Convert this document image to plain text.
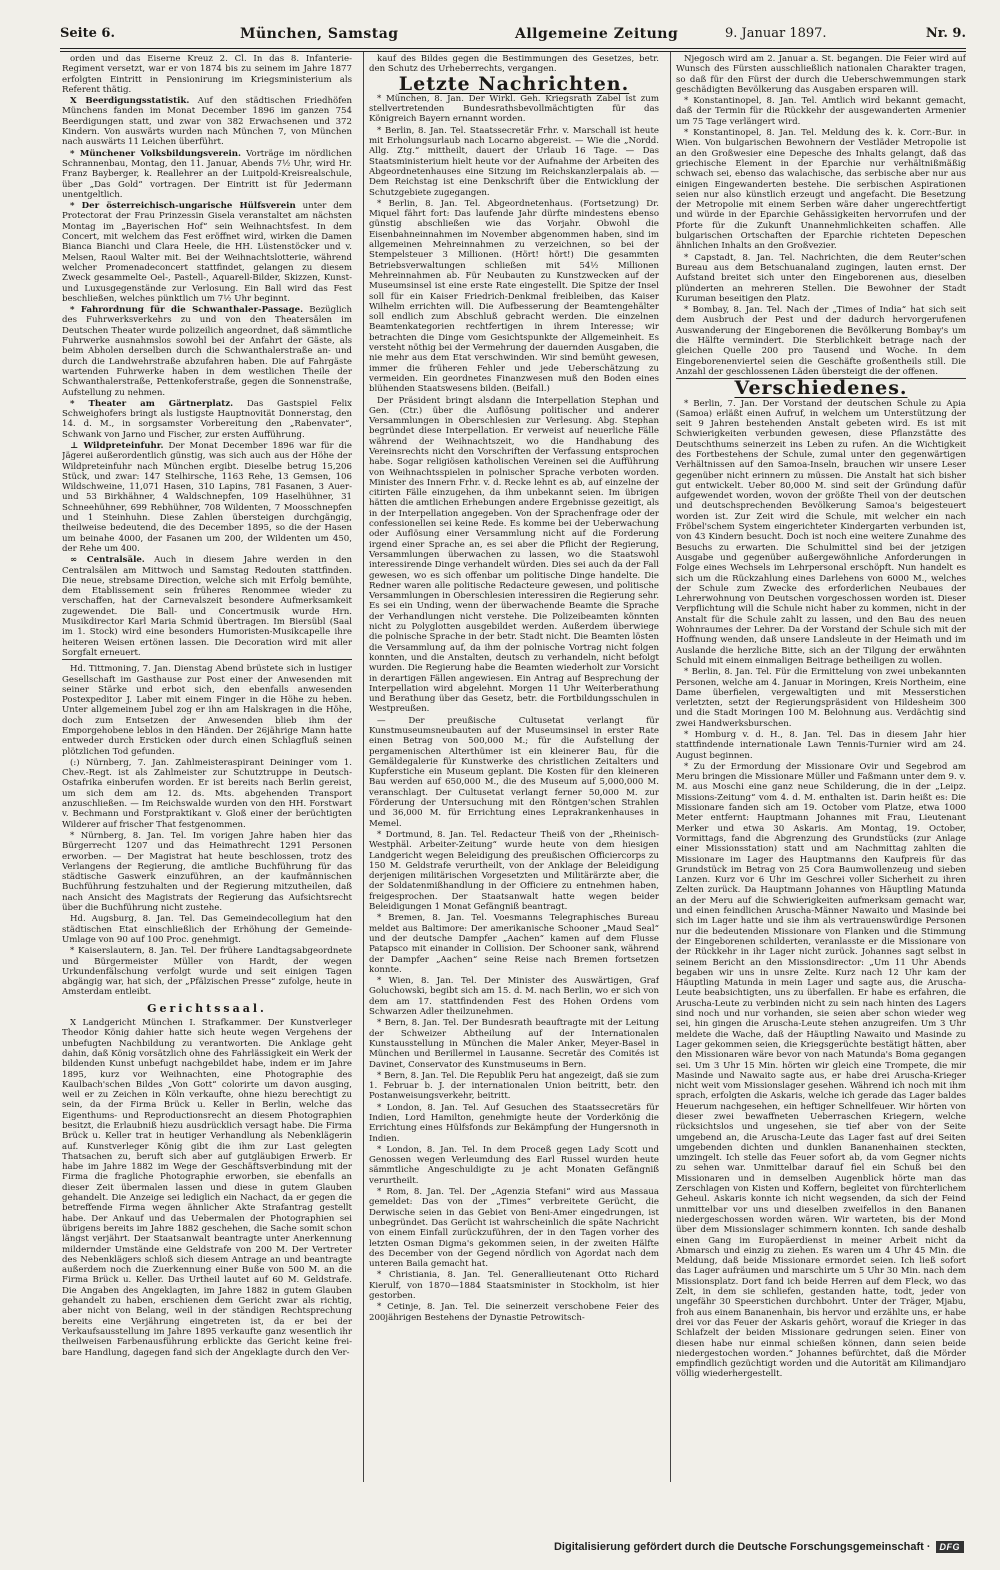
Seite 6.	München, Samstag	Allgemeine Zeitung	9. Januar 1897.	Nr. 9.

orden und das Eiserne Kreuz 2. Cl. In das 8. Infanterie-Regiment versetzt, war er von 1874 bis zu seinem im Jahre 1877 erfolgten Eintritt in Pensionirung im Kriegsministerium als Referent thätig.

X Beerdigungsstatistik. Auf den städtischen Friedhöfen Münchens fanden im Monat December 1896 im ganzen 754 Beerdigungen statt, und zwar von 382 Erwachsenen und 372 Kindern. Von auswärts wurden nach München 7, von München nach auswärts 11 Leichen überführt.

* Münchener Volksbildungsverein. Vorträge im nördlichen Schrannenbau, Montag, den 11. Januar, Abends 7½ Uhr, wird Hr. Franz Bayberger, k. Reallehrer an der Luitpold-Kreisrealschule, über „Das Gold“ vortragen. Der Eintritt ist für Jedermann unentgeltlich.

* Der österreichisch-ungarische Hülfsverein unter dem Protectorat der Frau Prinzessin Gisela veranstaltet am nächsten Montag im „Bayerischen Hof“ sein Weihnachtsfest. In dem Concert, mit welchem das Fest eröffnet wird, wirken die Damen Bianca Bianchi und Clara Heele, die HH. Lüstenstöcker und v. Melsen, Raoul Walter mit. Bei der Weihnachtslotterie, während welcher Promenadeconcert stattfindet, gelangen zu diesem Zweck gesammelte Oel-, Pastell-, Aquarell-Bilder, Skizzen, Kunst- und Luxusgegenstände zur Verlosung. Ein Ball wird das Fest beschließen, welches pünktlich um 7½ Uhr beginnt.

* Fahrordnung für die Schwanthaler-Passage. Bezüglich des Fuhrwerksverkehrs zu und von den Theatersälen im Deutschen Theater wurde polizeilich angeordnet, daß sämmtliche Fuhrwerke ausnahmslos sowohl bei der Anfahrt der Gäste, als beim Abholen derselben durch die Schwanthalerstraße an- und durch die Landwehrstraße abzufahren haben. Die auf Fahrgäste wartenden Fuhrwerke haben in dem westlichen Theile der Schwanthalerstraße, Pettenkoferstraße, gegen die Sonnenstraße, Aufstellung zu nehmen.

* Theater am Gärtnerplatz. Das Gastspiel Felix Schweighofers bringt als lustigste Hauptnovität Donnerstag, den 14. d. M., in sorgsamster Vorbereitung den „Rabenvater“, Schwank von Jarno und Fischer, zur ersten Aufführung.

⊥ Wildpreteinfuhr. Der Monat December 1896 war für die Jägerei außerordentlich günstig, was sich auch aus der Höhe der Wildpreteinfuhr nach München ergibt. Dieselbe betrug 15,206 Stück, und zwar: 147 Stelhirsche, 1163 Rehe, 13 Gemsen, 106 Wildschweine, 11,071 Hasen, 310 Lapins, 781 Fasanen, 3 Auer- und 53 Birkhähner, 4 Waldschnepfen, 109 Haselhühner, 31 Schneehühner, 699 Rebhühner, 708 Wildenten, 7 Moosschnepfen und 1 Steinhuhn. Diese Zahlen übersteigen durchgängig, theilweise bedeutend, die des December 1895, so die der Hasen um beinahe 4000, der Fasanen um 200, der Wildenten um 450, der Rehe um 400.

∞ Centralsäle. Auch in diesem Jahre werden in den Centralsälen am Mittwoch und Samstag Redouten stattfinden. Die neue, strebsame Direction, welche sich mit Erfolg bemühte, dem Etablissement sein früheres Renommee wieder zu verschaffen, hat der Carnevalszeit besondere Aufmerksamkeit zugewendet. Die Ball- und Concertmusik wurde Hrn. Musikdirector Karl Maria Schmid übertragen. Im Biersübl (Saal im 1. Stock) wird eine besonders Humoristen-Musikcapelle ihre heiteren Weisen ertönen lassen. Die Decoration wird mit aller Sorgfalt erneuert.

Hd. Tittmoning, 7. Jan. Dienstag Abend brüstete sich in lustiger Gesellschaft im Gasthause zur Post einer der Anwesenden mit seiner Stärke und erbot sich, den ebenfalls anwesenden Postexpeditor J. Laber mit einem Finger in die Höhe zu heben. Unter allgemeinem Jubel zog er ihn am Halskragen in die Höhe, doch zum Entsetzen der Anwesenden blieb ihm der Emporgehobene leblos in den Händen. Der 26jährige Mann hatte entweder durch Ersticken oder durch einen Schlagfluß seinen plötzlichen Tod gefunden.

(:) Nürnberg, 7. Jan. Zahlmeisteraspirant Deininger vom 1. Chev.-Regt. ist als Zahlmeister zur Schutztruppe in Deutsch-Ostafrika einberufen worden. Er ist bereits nach Berlin gereist, um sich dem am 12. ds. Mts. abgehenden Transport anzuschließen. — Im Reichswalde wurden von den HH. Forstwart v. Bechmann und Forstpraktikant v. Gloß einer der berüchtigten Wilderer auf frischer That festgenommen.

* Nürnberg, 8. Jan. Tel. Im vorigen Jahre haben hier das Bürgerrecht 1207 und das Heimathrecht 1291 Personen erworben. — Der Magistrat hat heute beschlossen, trotz des Verlangens der Regierung, die amtliche Buchführung für das städtische Gaswerk einzuführen, an der kaufmännischen Buchführung festzuhalten und der Regierung mitzutheilen, daß nach Ansicht des Magistrats der Regierung das Aufsichtsrecht über die Buchführung nicht zustehe.

Hd. Augsburg, 8. Jan. Tel. Das Gemeindecollegium hat den städtischen Etat einschließlich der Erhöhung der Gemeinde-Umlage von 90 auf 100 Proc. genehmigt.

* Kaiserslautern, 8. Jan. Tel. Der frühere Landtagsabgeordnete und Bürgermeister Müller von Hardt, der wegen Urkundenfälschung verfolgt wurde und seit einigen Tagen abgängig war, hat sich, der „Pfälzischen Presse“ zufolge, heute in Amsterdam entleibt.

Gerichtssaal.

X Landgericht München I. Strafkammer. Der Kunstverleger Theodor König dahier hatte sich heute wegen Vergehens der unbefugten Nachbildung zu verantworten. Die Anklage geht dahin, daß König vorsätzlich ohne des Fahrlässigkeit ein Werk der bildenden Kunst unbefugt nachgebildet habe, indem er im Jahre 1895, kurz vor Weihnachten, eine Photographie des Kaulbach'schen Bildes „Von Gott“ colorirte um davon ausging, weil er zu Zeichen in Köln verkaufte, ohne hiezu berechtigt zu sein, da der Firma Brück u. Keller in Berlin, welche das Eigenthums- und Reproductionsrecht an diesem Photographien besitzt, die Erlaubniß hiezu ausdrücklich versagt habe. Die Firma Brück u. Keller trat in heutiger Verhandlung als Nebenklägerin auf. Kunstverleger König gibt die ihm zur Last gelegten Thatsachen zu, beruft sich aber auf gutgläubigen Erwerb. Er habe im Jahre 1882 im Wege der Geschäftsverbindung mit der Firma die fragliche Photographie erworben, sie ebenfalls an dieser Zeit übermalen lassen und diese in gutem Glauben gehandelt. Die Anzeige sei lediglich ein Nachact, da er gegen die betreffende Firma wegen ähnlicher Akte Strafantrag gestellt habe. Der Ankauf und das Uebermalen der Photographien sei übrigens bereits im Jahre 1882 geschehen, die Sache somit schon längst verjährt. Der Staatsanwalt beantragte unter Anerkennung mildernder Umstände eine Geldstrafe von 200 M. Der Vertreter des Nebenklägers schloß sich diesem Antrage an und beantragte außerdem noch die Zuerkennung einer Buße von 500 M. an die Firma Brück u. Keller. Das Urtheil lautet auf 60 M. Geldstrafe. Die Angaben des Angeklagten, im Jahre 1882 in gutem Glauben gehandelt zu haben, erschienen dem Gericht zwar als richtig, aber nicht von Belang, weil in der ständigen Rechtsprechung bereits eine Verjährung eingetreten ist, da er bei der Verkaufsausstellung im Jahre 1895 verkaufte ganz wesentlich ihr theilweisen Farbenausführung erblickte das Gericht keine frei-bare Handlung, dagegen fand sich der Angeklagte durch den Ver-

kauf des Bildes gegen die Bestimmungen des Gesetzes, betr. den Schutz des Urheberrechts, vergangen.

Letzte Nachrichten.

* München, 8. Jan. Der Wirkl. Geh. Kriegsrath Zabel ist zum stellvertretenden Bundesrathsbevollmächtigten für das Königreich Bayern ernannt worden.

* Berlin, 8. Jan. Tel. Staatssecretär Frhr. v. Marschall ist heute mit Erholungsurlaub nach Locarno abgereist. — Wie die „Nordd. Allg. Ztg.“ mittheilt, dauert der Urlaub 16 Tage. — Das Staatsministerium hielt heute vor der Aufnahme der Arbeiten des Abgeordnetenhauses eine Sitzung im Reichskanzlerpalais ab. — Dem Reichstag ist eine Denkschrift über die Entwicklung der Schutzgebiete zugegangen.

* Berlin, 8. Jan. Tel. Abgeordnetenhaus. (Fortsetzung) Dr. Miquel fährt fort: Das laufende Jahr dürfte mindestens ebenso günstig abschließen wie das Vorjahr. Obwohl die Eisenbahneinnahmen im November abgenommen haben, sind im allgemeinen Mehreinnahmen zu verzeichnen, so bei der Stempelsteuer 3 Millionen. (Hört! hört!) Die gesammten Betriebsverwaltungen schließen mit 54½ Millionen Mehreinnahmen ab. Für Neubauten zu Kunstzwecken auf der Museumsinsel ist eine erste Rate eingestellt. Die Spitze der Insel soll für ein Kaiser Friedrich-Denkmal freibleiben, das Kaiser Wilhelm errichten will. Die Aufbesserung der Beamtengehälter soll endlich zum Abschluß gebracht werden. Die einzelnen Beamtenkategorien rechtfertigen in ihrem Interesse; wir betrachten die Dinge vom Gesichtspunkte der Allgemeinheit. Es versteht nöthig bei der Vermehrung der dauernden Ausgaben, die nie mehr aus dem Etat verschwinden. Wir sind bemüht gewesen, immer die früheren Fehler und jede Ueberschätzung zu vermeiden. Ein geordnetes Finanzwesen muß den Boden eines blühenden Staatswesens bilden. (Beifall.)

Der Präsident bringt alsdann die Interpellation Stephan und Gen. (Ctr.) über die Auflösung politischer und anderer Versammlungen in Oberschlesien zur Verlesung. Abg. Stephan begründet diese Interpellation. Er verweist auf neuerliche Fälle während der Weihnachtszeit, wo die Handhabung des Vereinsrechts nicht den Vorschriften der Verfassung entsprochen habe. Sogar religiösen katholischen Vereinen sei die Aufführung von Weihnachtsspielen in polnischer Sprache verboten worden. Minister des Innern Frhr. v. d. Recke lehnt es ab, auf einzelne der citirten Fälle einzugehen, da ihm unbekannt seien. Im übrigen hätten die amtlichen Erhebungen andere Ergebnisse gezeitigt, als in der Interpellation angegeben. Von der Sprachenfrage oder der confessionellen sei keine Rede. Es komme bei der Ueberwachung oder Auflösung einer Versammlung nicht auf die Forderung irgend einer Sprache an, es sei aber die Pflicht der Regierung, Versammlungen überwachen zu lassen, wo die Staatswohl interessirende Dinge verhandelt würden. Dies sei auch da der Fall gewesen, wo es sich offenbar um politische Dinge handelte. Die Redner waren alle politische Redacteure gewesen, und politische Versammlungen in Oberschlesien interessiren die Regierung sehr. Es sei ein Unding, wenn der überwachende Beamte die Sprache der Verhandlungen nicht verstehe. Die Polizeibeamten könnten nicht zu Polyglotten ausgebildet werden. Außerdem überwiege die polnische Sprache in der betr. Stadt nicht. Die Beamten lösten die Versammlung auf, da ihm der polnische Vortrag nicht folgen konnten, und die Anstalten, deutsch zu verhandeln, nicht befolgt wurden. Die Regierung habe die Beamten wiederholt zur Vorsicht in derartigen Fällen angewiesen. Ein Antrag auf Besprechung der Interpellation wird abgelehnt. Morgen 11 Uhr Weiterberathung und Berathung über das Gesetz, betr. die Fortbildungsschulen in Westpreußen.

— Der preußische Cultusetat verlangt für Kunstmuseumsneubauten auf der Museumsinsel in erster Rate einen Betrag von 500,000 M.; für die Aufstellung der pergamenischen Alterthümer ist ein kleinerer Bau, für die Gemäldegalerie für Kunstwerke des christlichen Zeitalters und Kupferstiche ein Museum geplant. Die Kosten für den kleineren Bau werden auf 650,000 M., die des Museum auf 5,000,000 M. veranschlagt. Der Cultusetat verlangt ferner 50,000 M. zur Förderung der Untersuchung mit den Röntgen'schen Strahlen und 36,000 M. für Errichtung eines Leprakrankenhauses in Memel.

* Dortmund, 8. Jan. Tel. Redacteur Theiß von der „Rheinisch-Westphäl. Arbeiter-Zeitung“ wurde heute von dem hiesigen Landgericht wegen Beleidigung des preußischen Officiercorps zu 150 M. Geldstrafe verurtheilt, von der Anklage der Beleidigung derjenigen militärischen Vorgesetzten und Militärärzte aber, die der Soldatenmißhandlung in der Officiere zu entnehmen haben, freigesprochen. Der Staatsanwalt hatte wegen beider Beleidigungen 1 Monat Gefängniß beantragt.

* Bremen, 8. Jan. Tel. Voesmanns Telegraphisches Bureau meldet aus Baltimore: Der amerikanische Schooner „Maud Seal“ und der deutsche Dampfer „Aachen“ kamen auf dem Flusse Patapsco mit einander in Collision. Der Schooner sank, während der Dampfer „Aachen“ seine Reise nach Bremen fortsetzen konnte.

* Wien, 8. Jan. Tel. Der Minister des Auswärtigen, Graf Goluchowski, begibt sich am 15. d. M. nach Berlin, wo er sich von dem am 17. stattfindenden Fest des Hohen Ordens vom Schwarzen Adler theilzunehmen.

* Bern, 8. Jan. Tel. Der Bundesrath beauftragte mit der Leitung der Schweizer Abtheilung auf der Internationalen Kunstausstellung in München die Maler Anker, Meyer-Basel in München und Berillermel in Lausanne. Secretär des Comités ist Davinet, Conservator des Kunstmuseums in Bern.

* Bern, 8. Jan. Tel. Die Republik Peru hat angezeigt, daß sie zum 1. Februar b. J. der internationalen Union beitritt, betr. den Postanweisungsverkehr, beitritt.

* London, 8. Jan. Tel. Auf Gesuchen des Staatssecretärs für Indien, Lord Hamilton, genehmigte heute der Vorderkönig die Errichtung eines Hülfsfonds zur Bekämpfung der Hungersnoth in Indien.

* London, 8. Jan. Tel. In dem Proceß gegen Lady Scott und Genossen wegen Verleumdung des Earl Russel wurden heute sämmtliche Angeschuldigte zu je acht Monaten Gefängniß verurtheilt.

* Rom, 8. Jan. Tel. Der „Agenzia Stefani“ wird aus Massaua gemeldet: Das von der „Times“ verbreitete Gerücht, die Derwische seien in das Gebiet von Beni-Amer eingedrungen, ist unbegründet. Das Gerücht ist wahrscheinlich die späte Nachricht von einem Einfall zurückzuführen, der in den Tagen vorher des letzten Osman Digma's gekommen seien, in der zweiten Hälfte des December von der Gegend nördlich von Agordat nach dem unteren Baila gemacht hat.

* Christiania, 8. Jan. Tel. Generallieutenant Otto Richard Kierulf, von 1870—1884 Staatsminister in Stockholm, ist hier gestorben.

* Cetinje, 8. Jan. Tel. Die seinerzeit verschobene Feier des 200jährigen Bestehens der Dynastie Petrowitsch-

Njegosch wird am 2. Januar a. St. begangen. Die Feier wird auf Wunsch des Fürsten ausschließlich nationalen Charakter tragen, so daß für den Fürst der durch die Ueberschwemmungen stark geschädigten Bevölkerung das Ausgaben ersparen will.

* Konstantinopel, 8. Jan. Tel. Amtlich wird bekannt gemacht, daß der Termin für die Rückkehr der ausgewanderten Armenier um 75 Tage verlängert wird.

* Konstantinopel, 8. Jan. Tel. Meldung des k. k. Corr.-Bur. in Wien. Von bulgarischen Bewohnern der Vestläder Metropolie ist an den Großwesier eine Depesche des Inhalts gelangt, daß das griechische Element in der Eparchie nur verhältnißmäßig schwach sei, ebenso das walachische, das serbische aber nur aus einigen Eingewanderten bestehe. Die serbischen Aspirationen seien nur also künstlich erzeugt und angefacht. Die Besetzung der Metropolie mit einem Serben wäre daher ungerechtfertigt und würde in der Eparchie Gehässigkeiten hervorrufen und der Pforte für die Zukunft Unannehmlichkeiten schaffen. Alle bulgarischen Ortschaften der Eparchie richteten Depeschen ähnlichen Inhalts an den Großvezier.

* Capstadt, 8. Jan. Tel. Nachrichten, die dem Reuter'schen Bureau aus dem Betschuanaland zugingen, lauten ernst. Der Aufstand breitet sich unter den Eingeborenen aus, dieselben plünderten an mehreren Stellen. Die Bewohner der Stadt Kuruman beseitigen den Platz.

* Bombay, 8. Jan. Tel. Nach der „Times of India“ hat sich seit dem Ausbruch der Pest und der dadurch hervorgerufenen Auswanderung der Eingeborenen die Bevölkerung Bombay's um die Hälfte vermindert. Die Sterblichkeit betrage nach der gleichen Quelle 200 pro Tausend und Woche. In dem Eingeborenenviertel seien die Geschäfte großentheils still. Die Anzahl der geschlossenen Läden übersteigt die der offenen.

Verschiedenes.

* Berlin, 7. Jan. Der Vorstand der deutschen Schule zu Apia (Samoa) erläßt einen Aufruf, in welchem um Unterstützung der seit 9 Jahren bestehenden Anstalt gebeten wird. Es ist mit Schwierigkeiten verbunden gewesen, diese Pflanzstätte des Deutschthums seinerzeit ins Leben zu rufen. An die Wichtigkeit des Fortbestehens der Schule, zumal unter den gegenwärtigen Verhältnissen auf den Samoa-Inseln, brauchen wir unsere Leser gegenüber nicht erinnern zu müssen. Die Anstalt hat sich bisher gut entwickelt. Ueber 80,000 M. sind seit der Gründung dafür aufgewendet worden, wovon der größte Theil von der deutschen und deutschsprechenden Bevölkerung Samoa's beigesteuert worden ist. Zur Zeit wird die Schule, mit welcher ein nach Fröbel'schem System eingerichteter Kindergarten verbunden ist, von 43 Kindern besucht. Doch ist noch eine weitere Zunahme des Besuchs zu erwarten. Die Schulmittel sind bei der jetzigen Ausgabe und gegenüber außergewöhnliche Anforderungen in Folge eines Wechsels im Lehrpersonal erschöpft. Nun handelt es sich um die Rückzahlung eines Darlehens von 6000 M., welches der Schule zum Zwecke des erforderlichen Neubaues der Lehrerwohnung von Deutschen vorgeschossen worden ist. Dieser Verpflichtung will die Schule nicht haber zu kommen, nicht in der Anstalt für die Schule zahlt zu lassen, und den Bau des neuen Wohnraumes der Lehrer. Da der Vorstand der Schule sich mit der Hoffnung wenden, daß unsere Landsleute in der Heimath und im Auslande die herzliche Bitte, sich an der Tilgung der erwähnten Schuld mit einem einmaligen Beitrage betheiligen zu wollen.

* Berlin, 8. Jan. Tel. Für die Ermittelung von zwei unbekannten Personen, welche am 4. Januar in Moringen, Kreis Northeim, eine Dame überfielen, vergewaltigten und mit Messerstichen verletzten, setzt der Regierungspräsident von Hildesheim 300 und die Stadt Moringen 100 M. Belohnung aus. Verdächtig sind zwei Handwerksburschen.

* Homburg v. d. H., 8. Jan. Tel. Das in diesem Jahr hier stattfindende internationale Lawn Tennis-Turnier wird am 24. August beginnen.

* Zu der Ermordung der Missionare Ovir und Segebrod am Meru bringen die Missionare Müller und Faßmann unter dem 9. v. M. aus Moschi eine ganz neue Schilderung, die in der „Leipz. Missions-Zeitung“ vom 4. d. M. enthalten ist. Darin heißt es: Die Missionare fanden sich am 19. October vom Platze, etwa 1000 Meter entfernt: Hauptmann Johannes mit Frau, Lieutenant Merker und etwa 30 Askaris. Am Montag, 19. October, Vormittags, fand die Abgrenzung des Grundstücks (zur Anlage einer Missionsstation) statt und am Nachmittag zahlten die Missionare im Lager des Hauptmanns den Kaufpreis für das Grundstück im Betrag von 25 Cora Baumwollenzeug und sieben Lanzen. Kurz vor 6 Uhr im Geschrei voller Sicherheit zu ihren Zelten zurück. Da Hauptmann Johannes von Häuptling Matunda an der Meru auf die Schwierigkeiten aufmerksam gemacht war, und einen feindlichen Aruscha-Männer Nawaito und Masinde bei sich im Lager hatte und sie ihm als vertrauenswürdige Personen nur die bedeutenden Missionare von Flanken und die Stimmung der Eingeborenen schilderten, veranlasste er die Missionare von der Rückkehr in ihr Lager nicht zurück. Johannes sagt selbst in seinem Bericht an den Missionsdirector: „Um 11 Uhr Abends begaben wir uns in unsre Zelte. Kurz nach 12 Uhr kam der Häuptling Matunda in mein Lager und sagte aus, die Aruscha-Leute beabsichtigten, uns zu überfallen. Er habe es erfahren, die Aruscha-Leute zu verbinden nicht zu sein nach hinten des Lagers sind noch und nur vorhanden, sie seien aber schon wieder weg sei, hin gingen die Aruscha-Leute stehen anzugreifen. Um 3 Uhr meldete die Wache, daß der Häuptling Nawaito und Masinde zu Lager gekommen seien, die Kriegsgerüchte bestätigt hätten, aber den Missionaren wäre bevor von nach Matunda's Boma gegangen sei. Um 3 Uhr 15 Min. hörten wir gleich eine Trompete, die mir Masinde und Nawaito sagte aus, er habe drei Aruscha-Krieger nicht weit vom Missionslager gesehen. Während ich noch mit ihm sprach, erfolgten die Askaris, welche ich gerade das Lager baldes Heuerum nachgesehen, ein heftiger Schnellfeuer. Wir hörten von dieser zwei bewaffneten Ueberraschen Kriegern, welche rücksichtslos und ungesehen, sie tief aber von der Seite umgebend an, die Aruscha-Leute das Lager fast auf drei Seiten umgebenden dichten und dunklen Bananenhainen steckten, umzingelt. Ich stelle das Feuer sofort ab, da vom Gegner nichts zu sehen war. Unmittelbar darauf fiel ein Schuß bei den Missionaren und in demselben Augenblick hörte man das Zerschlagen von Kisten und Koffern, begleitet von fürchterlichem Geheul. Askaris konnte ich nicht wegsenden, da sich der Feind unmittelbar vor uns und dieselben zweifellos in den Bananen niedergeschossen worden wären. Wir warteten, bis der Mond über dem Missionslager schimmern konnten. Ich sande deshalb einen Gang im Europäerdienst in meiner Arbeit nicht da Abmarsch und einzig zu ziehen. Es waren um 4 Uhr 45 Min. die Meldung, daß beide Missionare ermordet seien. Ich ließ sofort das Lager aufräumen und marschirte um 5 Uhr 30 Min. nach dem Missionsplatz. Dort fand ich beide Herren auf dem Fleck, wo das Zelt, in dem sie schliefen, gestanden hatte, todt, jeder von ungefähr 30 Speerstichen durchbohrt. Unter der Träger, Mjabu, froh aus einem Bananenhain, bis hervor und erzählte uns, er habe drei vor das Feuer der Askaris gehört, worauf die Krieger in das Schlafzelt der beiden Missionare gedrungen seien. Einer von diesen habe nur einmal schießen können, dann seien beide niedergestochen worden.“ Johannes befürchtet, daß die Mörder empfindlich gezüchtigt worden und die Autorität am Kilimandjaro völlig wiederhergestellt.

Digitalisierung gefördert durch die Deutsche Forschungsgemeinschaft ·	DFG
